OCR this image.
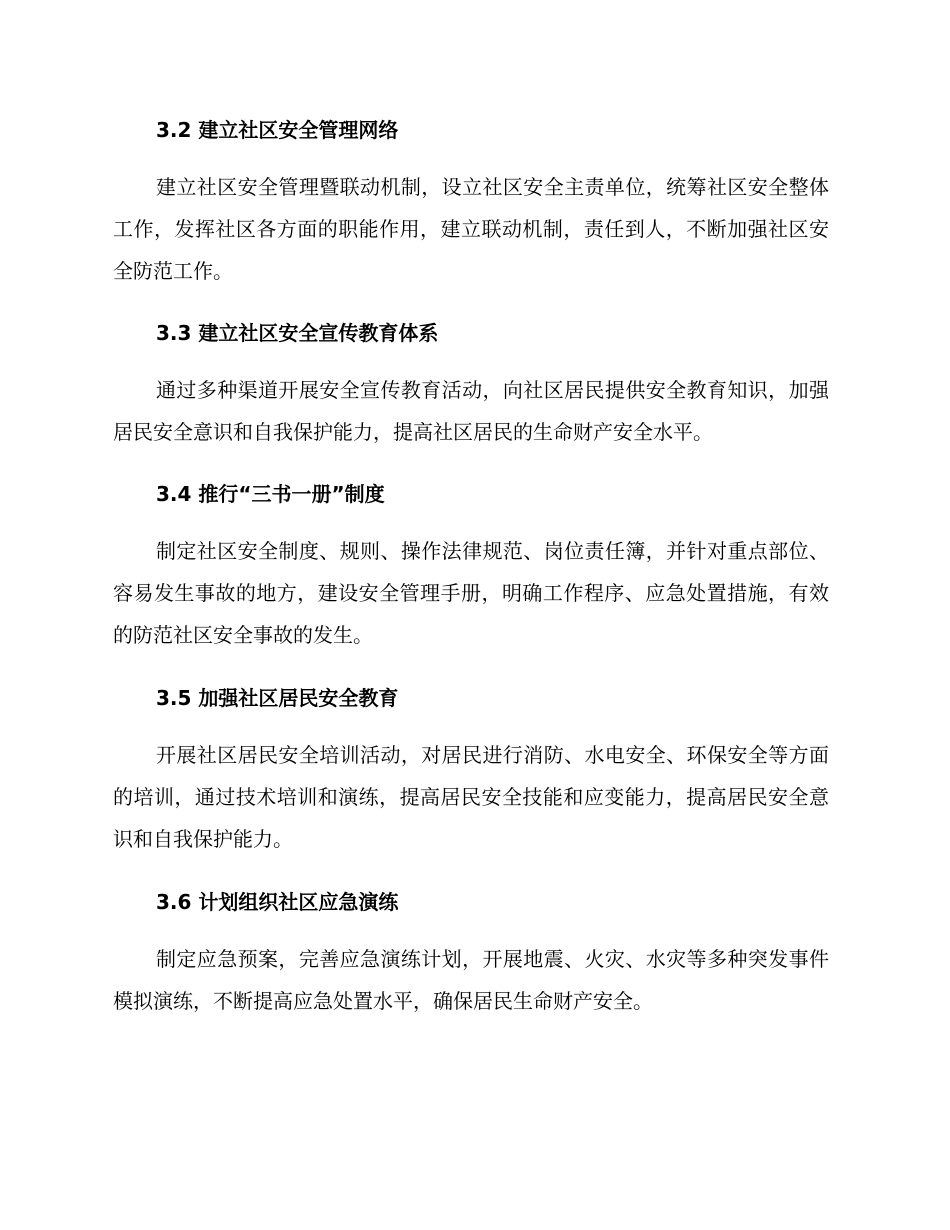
3.2 建立社区安全管理网络
建立社区安全管理暨联动机制，设立社区安全主责单位，统筹社区安全整体工作，发挥社区各方面的职能作用，建立联动机制，责任到人，不断加强社区安全防范工作。
3.3 建立社区安全宣传教育体系
通过多种渠道开展安全宣传教育活动，向社区居民提供安全教育知识，加强居民安全意识和自我保护能力，提高社区居民的生命财产安全水平。
3.4 推行“三书一册”制度
制定社区安全制度、规则、操作法律规范、岗位责任簿，并针对重点部位、容易发生事故的地方，建设安全管理手册，明确工作程序、应急处置措施，有效的防范社区安全事故的发生。
3.5 加强社区居民安全教育
开展社区居民安全培训活动，对居民进行消防、水电安全、环保安全等方面的培训，通过技术培训和演练，提高居民安全技能和应变能力，提高居民安全意识和自我保护能力。
3.6 计划组织社区应急演练
制定应急预案，完善应急演练计划，开展地震、火灾、水灾等多种突发事件模拟演练，不断提高应急处置水平，确保居民生命财产安全。
